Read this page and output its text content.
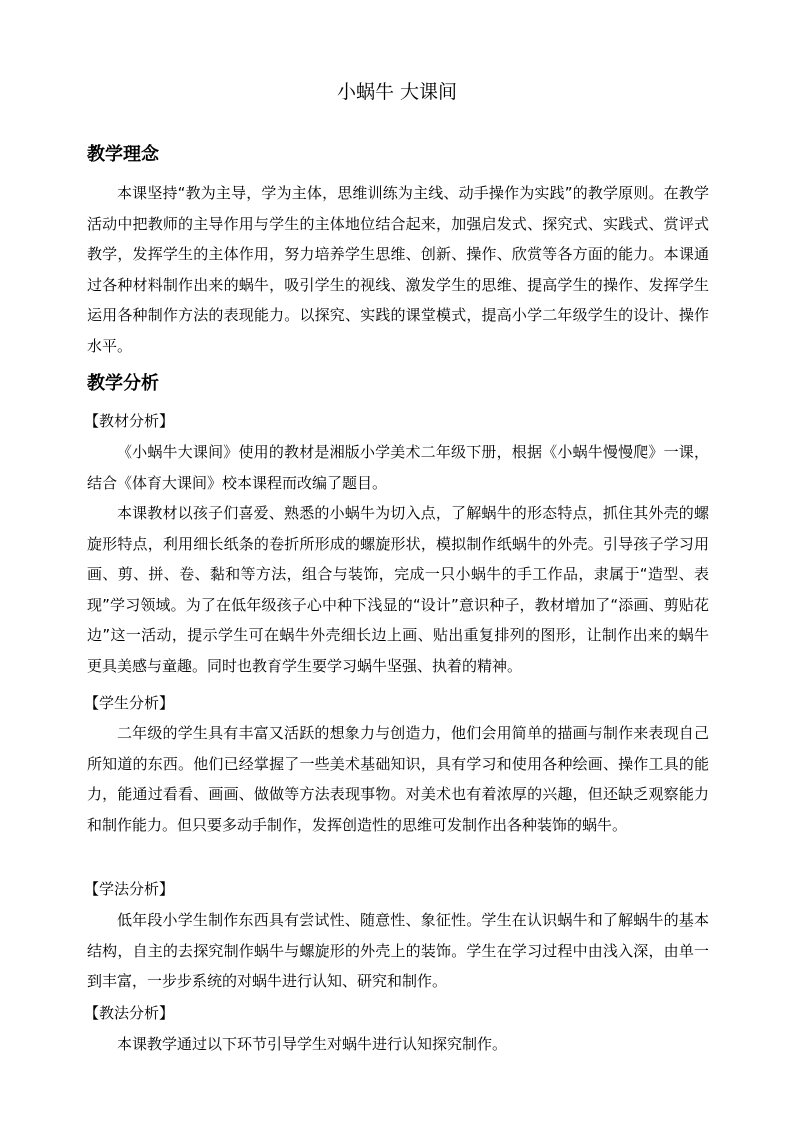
小蜗牛 大课间
教学理念
本课坚持“教为主导，学为主体，思维训练为主线、动手操作为实践”的教学原则。在教学活动中把教师的主导作用与学生的主体地位结合起来，加强启发式、探究式、实践式、赏评式教学，发挥学生的主体作用，努力培养学生思维、创新、操作、欣赏等各方面的能力。本课通过各种材料制作出来的蜗牛，吸引学生的视线、激发学生的思维、提高学生的操作、发挥学生运用各种制作方法的表现能力。以探究、实践的课堂模式，提高小学二年级学生的设计、操作水平。
教学分析
【教材分析】
《小蜗牛大课间》使用的教材是湘版小学美术二年级下册，根据《小蜗牛慢慢爬》一课，结合《体育大课间》校本课程而改编了题目。
本课教材以孩子们喜爱、熟悉的小蜗牛为切入点，了解蜗牛的形态特点，抓住其外壳的螺旋形特点，利用细长纸条的卷折所形成的螺旋形状，模拟制作纸蜗牛的外壳。引导孩子学习用画、剪、拼、卷、黏和等方法，组合与装饰，完成一只小蜗牛的手工作品，隶属于“造型、表现”学习领域。为了在低年级孩子心中种下浅显的“设计”意识种子，教材增加了“添画、剪贴花边”这一活动，提示学生可在蜗牛外壳细长边上画、贴出重复排列的图形，让制作出来的蜗牛更具美感与童趣。同时也教育学生要学习蜗牛坚强、执着的精神。
【学生分析】
二年级的学生具有丰富又活跃的想象力与创造力，他们会用简单的描画与制作来表现自己所知道的东西。他们已经掌握了一些美术基础知识，具有学习和使用各种绘画、操作工具的能力，能通过看看、画画、做做等方法表现事物。对美术也有着浓厚的兴趣，但还缺乏观察能力和制作能力。但只要多动手制作，发挥创造性的思维可发制作出各种装饰的蜗牛。
【学法分析】
低年段小学生制作东西具有尝试性、随意性、象征性。学生在认识蜗牛和了解蜗牛的基本结构，自主的去探究制作蜗牛与螺旋形的外壳上的装饰。学生在学习过程中由浅入深，由单一到丰富，一步步系统的对蜗牛进行认知、研究和制作。
【教法分析】
本课教学通过以下环节引导学生对蜗牛进行认知探究制作。
